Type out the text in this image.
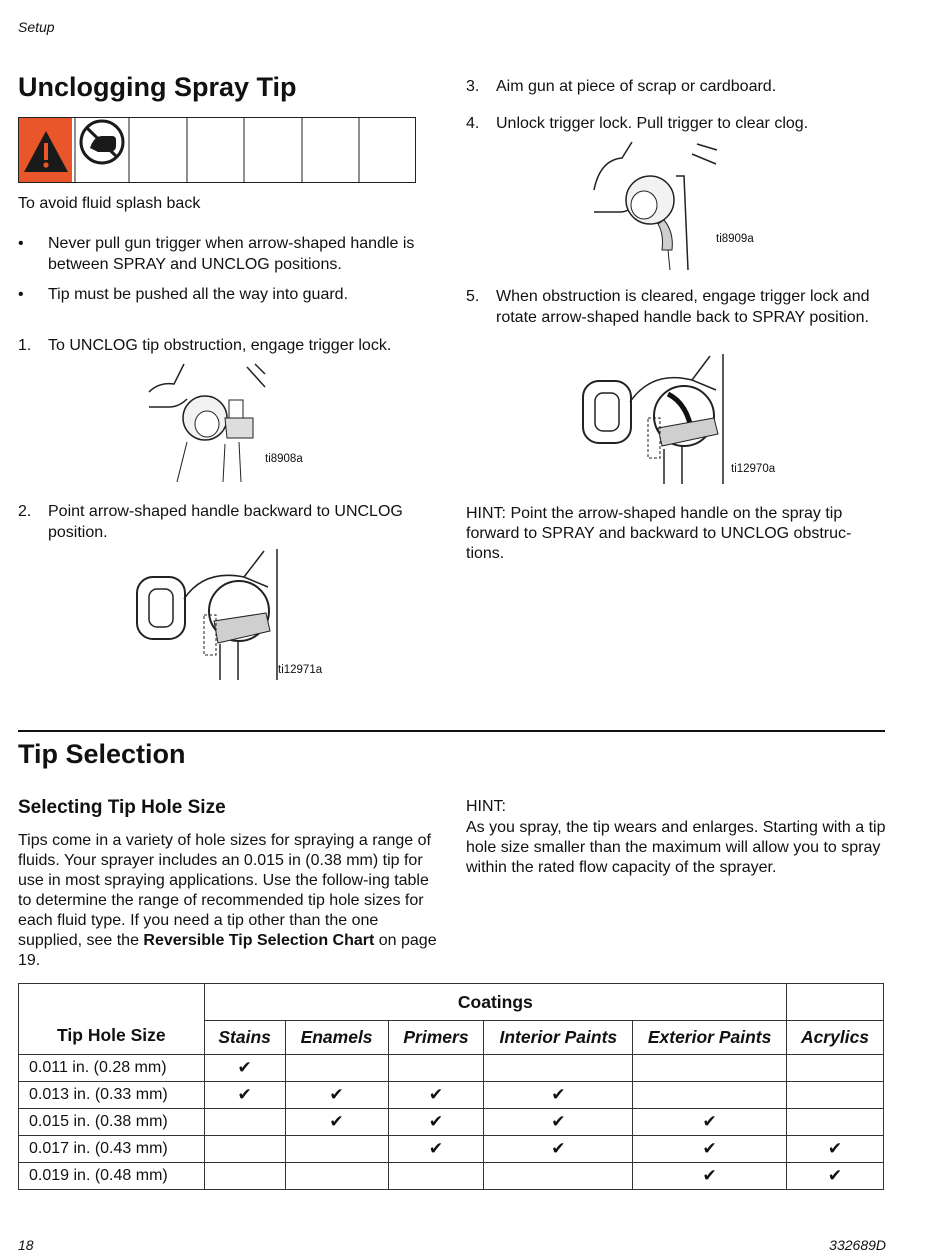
Setup
Unclogging Spray Tip

To avoid fluid splash back

• Never pull gun trigger when arrow-shaped handle is between SPRAY and UNCLOG positions.
• Tip must be pushed all the way into guard.
1. To UNCLOG tip obstruction, engage trigger lock.
ti8908a
2. Point arrow-shaped handle backward to UNCLOG position.
ti12971a
3. Aim gun at piece of scrap or cardboard.
4. Unlock trigger lock. Pull trigger to clear clog.
ti8909a
5. When obstruction is cleared, engage trigger lock and rotate arrow-shaped handle back to SPRAY position.
ti12970a

HINT: Point the arrow-shaped handle on the spray tip forward to SPRAY and backward to UNCLOG obstruc-tions.

Tip Selection
Selecting Tip Hole Size

Tips come in a variety of hole sizes for spraying a range of fluids. Your sprayer includes an 0.015 in (0.38 mm) tip for use in most spraying applications. Use the follow-ing table to determine the range of recommended tip hole sizes for each fluid type. If you need a tip other than the one supplied, see the Reversible Tip Selection Chart on page 19.

HINT:

As you spray, the tip wears and enlarges. Starting with a tip hole size smaller than the maximum will allow you to spray within the rated flow capacity of the sprayer.

Tip Hole Size	Coatings					
	Stains	Enamels	Primers	Interior Paints	Exterior Paints	Acrylics
0.011 in. (0.28 mm)	✔					
0.013 in. (0.33 mm)	✔	✔	✔	✔		
0.015 in. (0.38 mm)		✔	✔	✔	✔	
0.017 in. (0.43 mm)			✔	✔	✔	✔
0.019 in. (0.48 mm)					✔	✔
18	332689D
